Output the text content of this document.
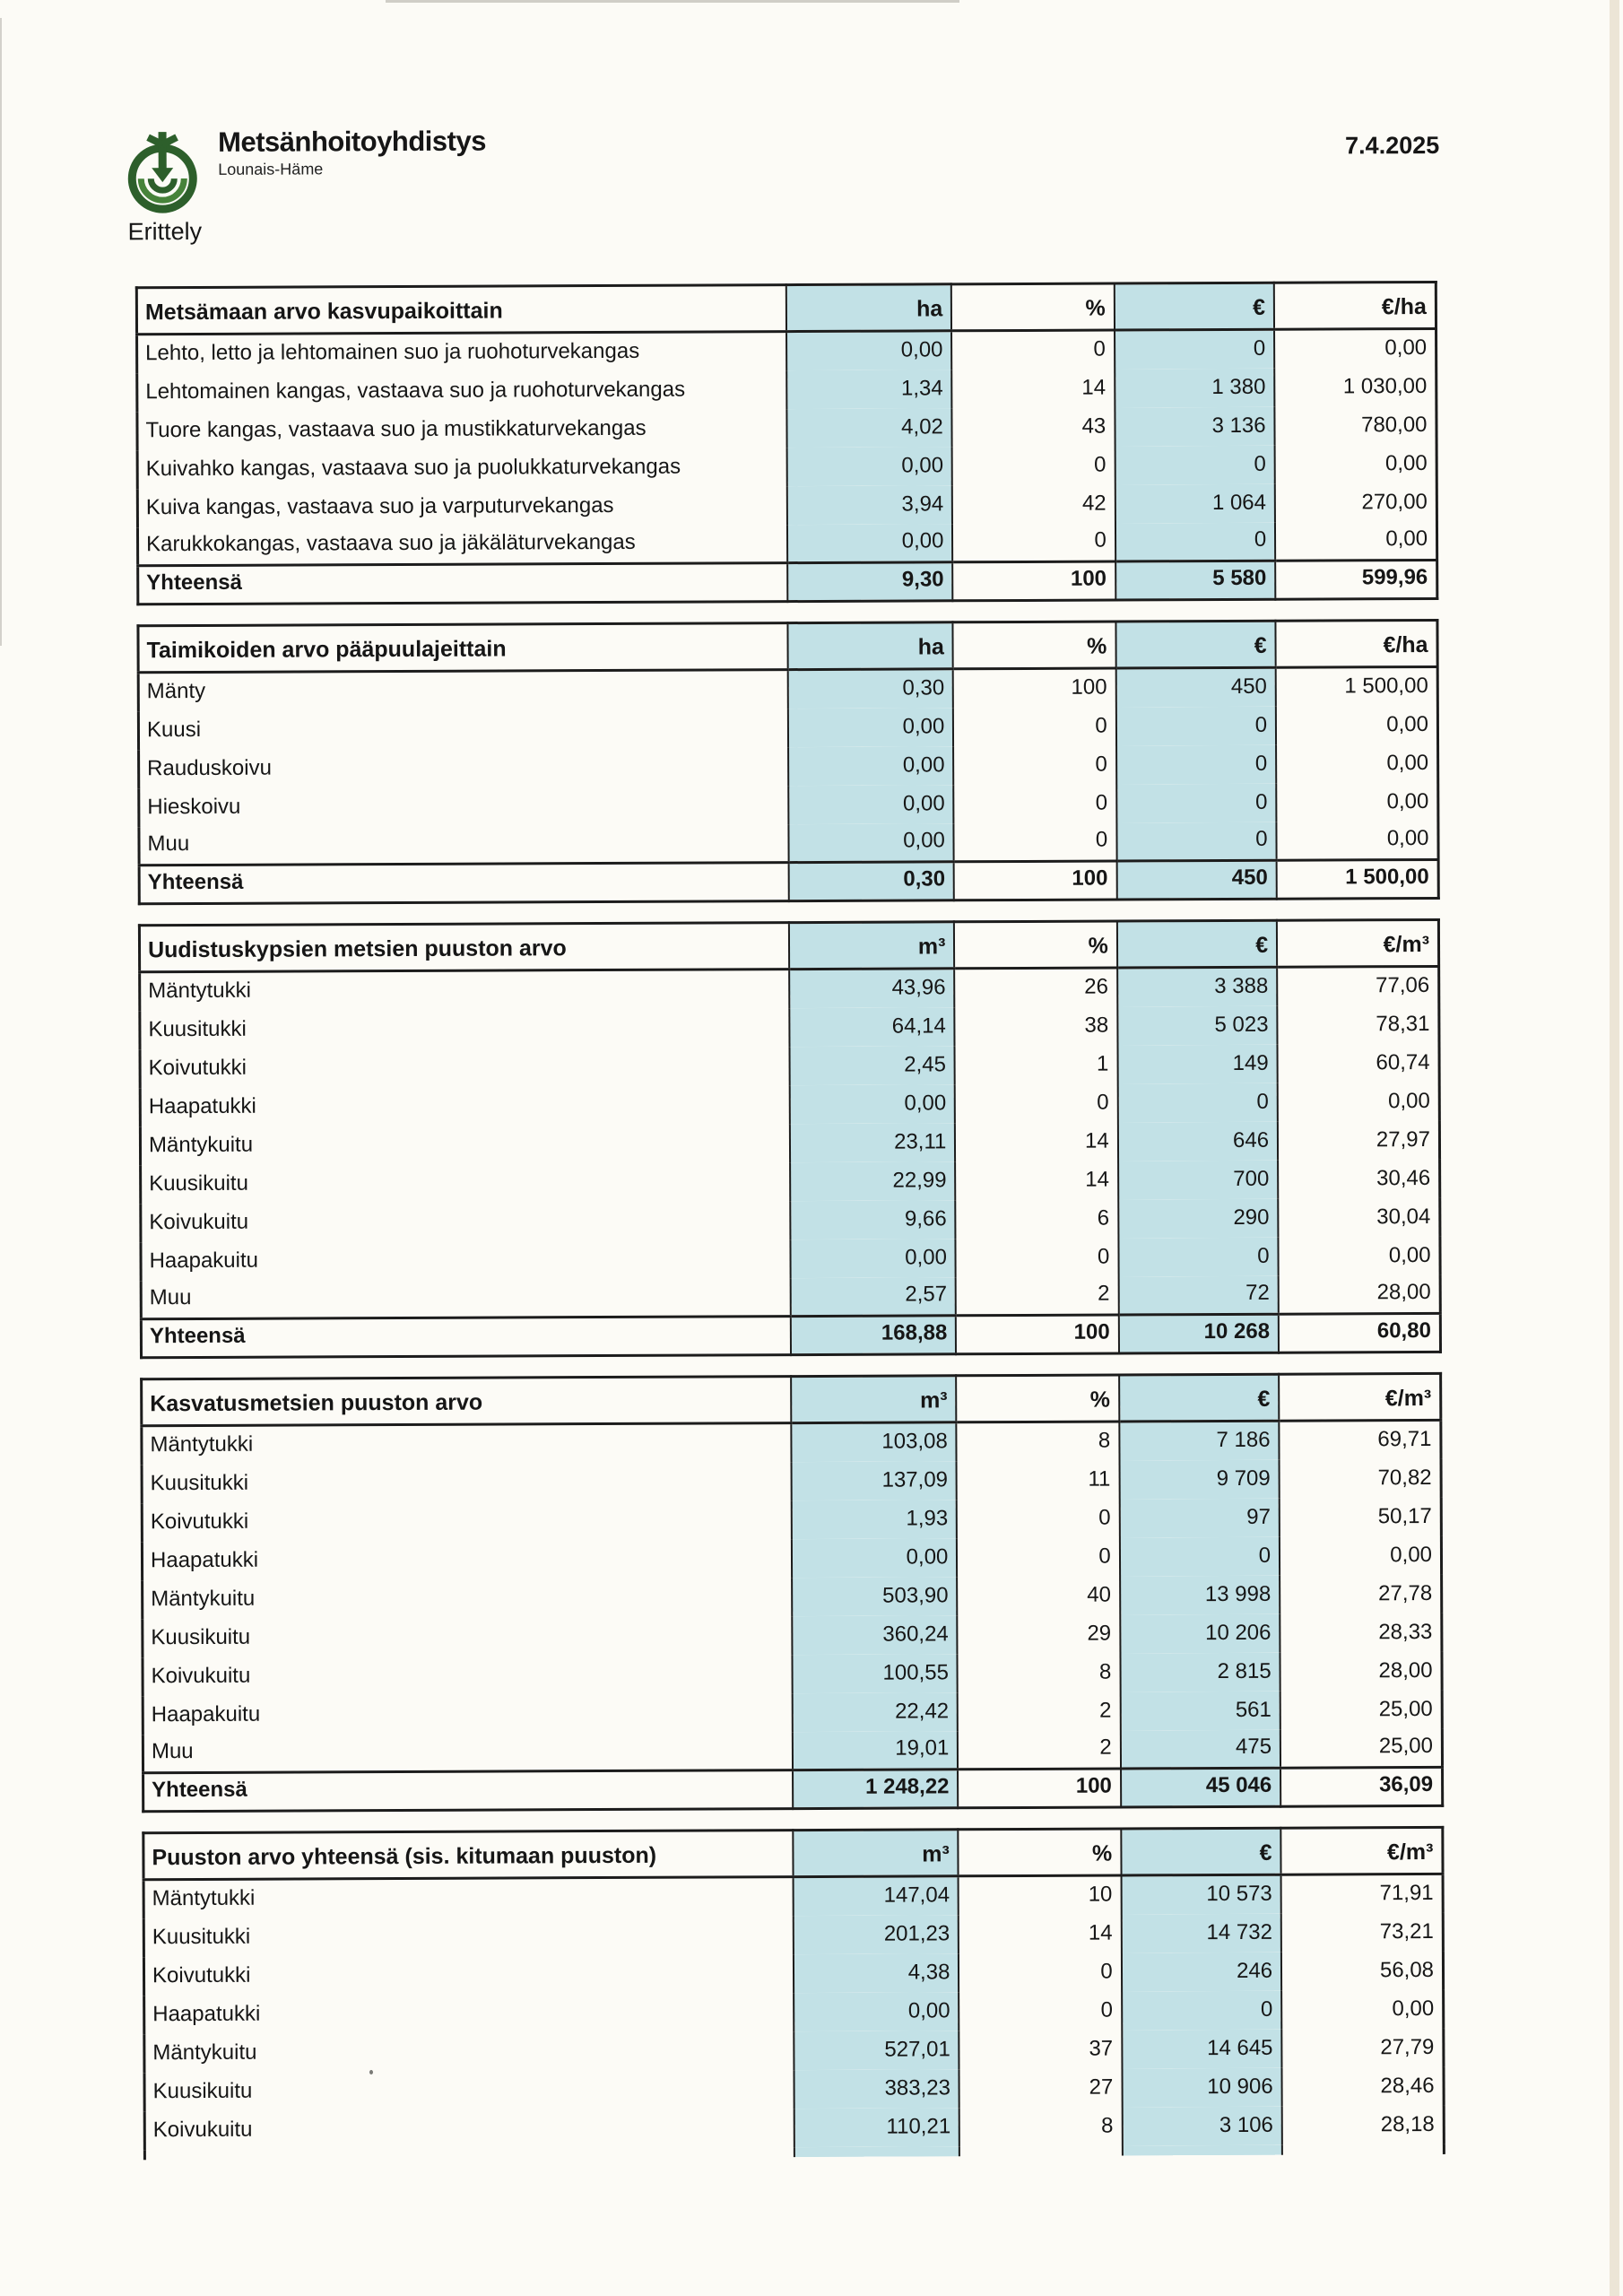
Metsänhoitoyhdistys
Lounais-Häme
7.4.2025
Erittely
Metsämaan arvo kasvupaikoittain	ha	%	€	€/ha
Lehto, letto ja lehtomainen suo ja ruohoturvekangas	0,00	0	0	0,00
Lehtomainen kangas, vastaava suo ja ruohoturvekangas	1,34	14	1 380	1 030,00
Tuore kangas, vastaava suo ja mustikkaturvekangas	4,02	43	3 136	780,00
Kuivahko kangas, vastaava suo ja puolukkaturvekangas	0,00	0	0	0,00
Kuiva kangas, vastaava suo ja varputurvekangas	3,94	42	1 064	270,00
Karukkokangas, vastaava suo ja jäkäläturvekangas	0,00	0	0	0,00
Yhteensä	9,30	100	5 580	599,96
Taimikoiden arvo pääpuulajeittain	ha	%	€	€/ha
Mänty	0,30	100	450	1 500,00
Kuusi	0,00	0	0	0,00
Rauduskoivu	0,00	0	0	0,00
Hieskoivu	0,00	0	0	0,00
Muu	0,00	0	0	0,00
Yhteensä	0,30	100	450	1 500,00
Uudistuskypsien metsien puuston arvo	m³	%	€	€/m³
Mäntytukki	43,96	26	3 388	77,06
Kuusitukki	64,14	38	5 023	78,31
Koivutukki	2,45	1	149	60,74
Haapatukki	0,00	0	0	0,00
Mäntykuitu	23,11	14	646	27,97
Kuusikuitu	22,99	14	700	30,46
Koivukuitu	9,66	6	290	30,04
Haapakuitu	0,00	0	0	0,00
Muu	2,57	2	72	28,00
Yhteensä	168,88	100	10 268	60,80
Kasvatusmetsien puuston arvo	m³	%	€	€/m³
Mäntytukki	103,08	8	7 186	69,71
Kuusitukki	137,09	11	9 709	70,82
Koivutukki	1,93	0	97	50,17
Haapatukki	0,00	0	0	0,00
Mäntykuitu	503,90	40	13 998	27,78
Kuusikuitu	360,24	29	10 206	28,33
Koivukuitu	100,55	8	2 815	28,00
Haapakuitu	22,42	2	561	25,00
Muu	19,01	2	475	25,00
Yhteensä	1 248,22	100	45 046	36,09
Puuston arvo yhteensä (sis. kitumaan puuston)	m³	%	€	€/m³
Mäntytukki	147,04	10	10 573	71,91
Kuusitukki	201,23	14	14 732	73,21
Koivutukki	4,38	0	246	56,08
Haapatukki	0,00	0	0	0,00
Mäntykuitu	527,01	37	14 645	27,79
Kuusikuitu	383,23	27	10 906	28,46
Koivukuitu	110,21	8	3 106	28,18
